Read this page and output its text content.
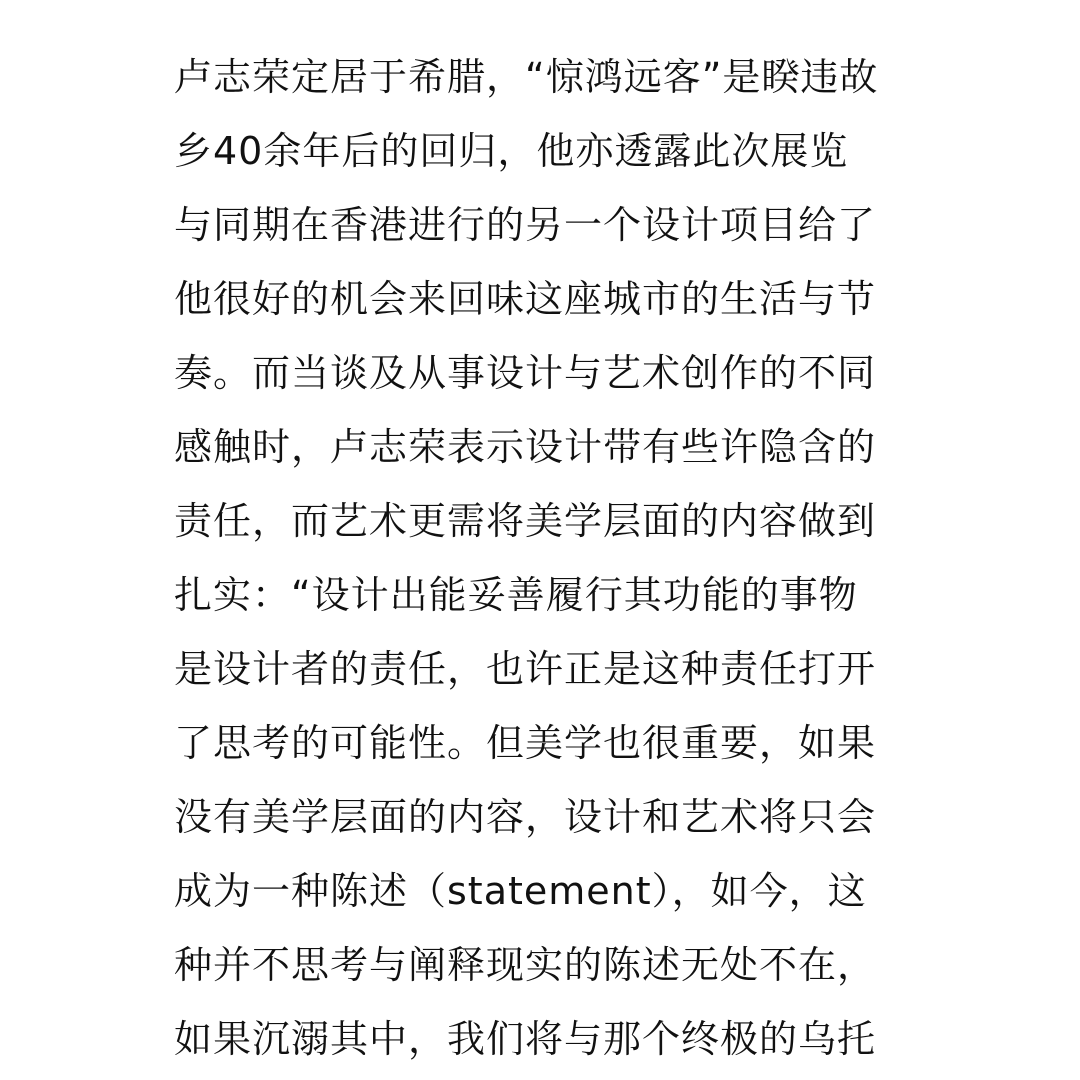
卢志荣定居于希腊，“惊鸿远客”是睽违故
乡40余年后的回归，他亦透露此次展览
与同期在香港进行的另一个设计项目给了
他很好的机会来回味这座城市的生活与节
奏。而当谈及从事设计与艺术创作的不同
感触时，卢志荣表示设计带有些许隐含的
责任，而艺术更需将美学层面的内容做到
扎实：“设计出能妥善履行其功能的事物
是设计者的责任，也许正是这种责任打开
了思考的可能性。但美学也很重要，如果
没有美学层面的内容，设计和艺术将只会
成为一种陈述（statement），如今，这
种并不思考与阐释现实的陈述无处不在，
如果沉溺其中，我们将与那个终极的乌托
